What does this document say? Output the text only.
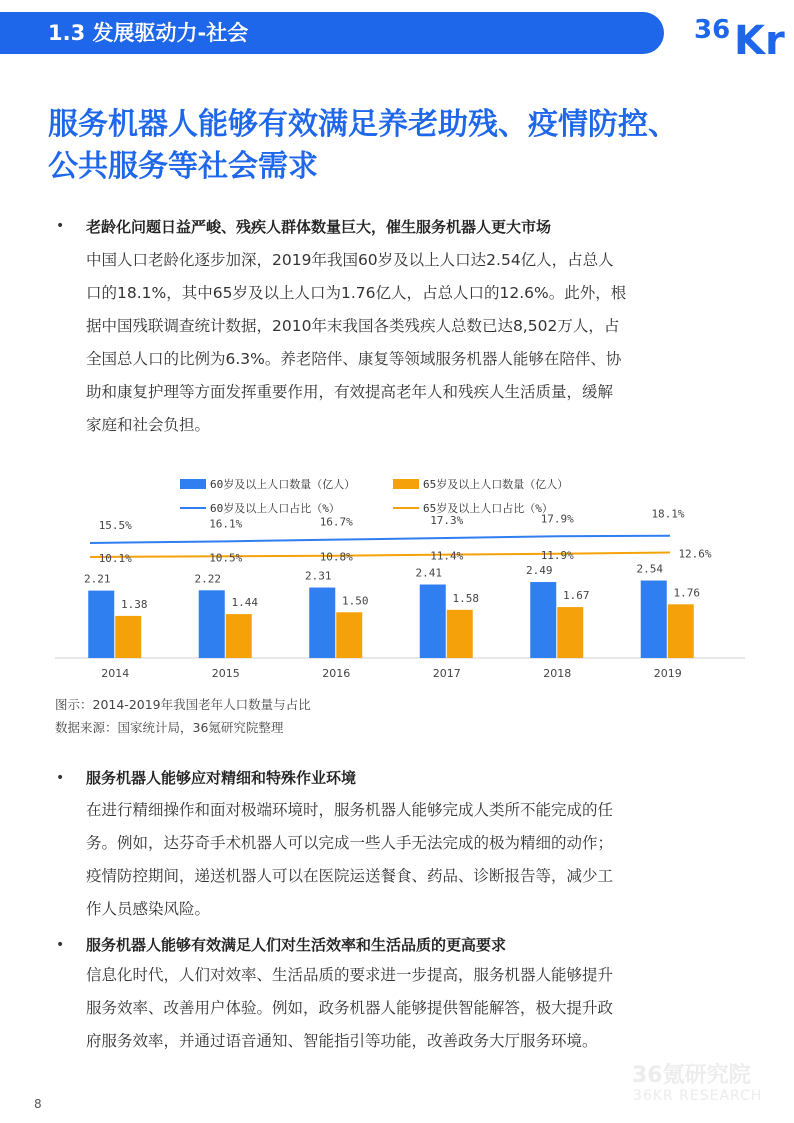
1.3 发展驱动力-社会	36 Kr
服务机器人能够有效满足养老助残、疫情防控、
公共服务等社会需求
• 老龄化问题日益严峻、残疾人群体数量巨大，催生服务机器人更大市场
中国人口老龄化逐步加深，2019年我国60岁及以上人口达2.54亿人，占总人
口的18.1%，其中65岁及以上人口为1.76亿人，占总人口的12.6%。此外，根
据中国残联调查统计数据，2010年末我国各类残疾人总数已达8,502万人，占
全国总人口的比例为6.3%。养老陪伴、康复等领域服务机器人能够在陪伴、协
助和康复护理等方面发挥重要作用，有效提高老年人和残疾人生活质量，缓解
家庭和社会负担。
60岁及以上人口数量（亿人）	65岁及以上人口数量（亿人）
60岁及以上人口占比（%）	65岁及以上人口占比（%）
2014
2.21
1.38
2015
2.22
1.44
2016
2.31
1.50
2017
2.41
1.58
2018
2.49
1.67
2019
2.54
1.76
15.5%	16.1%	16.7%	17.3%	17.9%	18.1%
10.1%	10.5%	10.8%	11.4%	11.9%	12.6%
图示：2014-2019年我国老年人口数量与占比
数据来源：国家统计局，36氪研究院整理
• 服务机器人能够应对精细和特殊作业环境
在进行精细操作和面对极端环境时，服务机器人能够完成人类所不能完成的任
务。例如，达芬奇手术机器人可以完成一些人手无法完成的极为精细的动作；
疫情防控期间，递送机器人可以在医院运送餐食、药品、诊断报告等，减少工
作人员感染风险。
• 服务机器人能够有效满足人们对生活效率和生活品质的更高要求
信息化时代，人们对效率、生活品质的要求进一步提高，服务机器人能够提升
服务效率、改善用户体验。例如，政务机器人能够提供智能解答，极大提升政
府服务效率，并通过语音通知、智能指引等功能，改善政务大厅服务环境。
36氪研究院
36KR RESEARCH
8
